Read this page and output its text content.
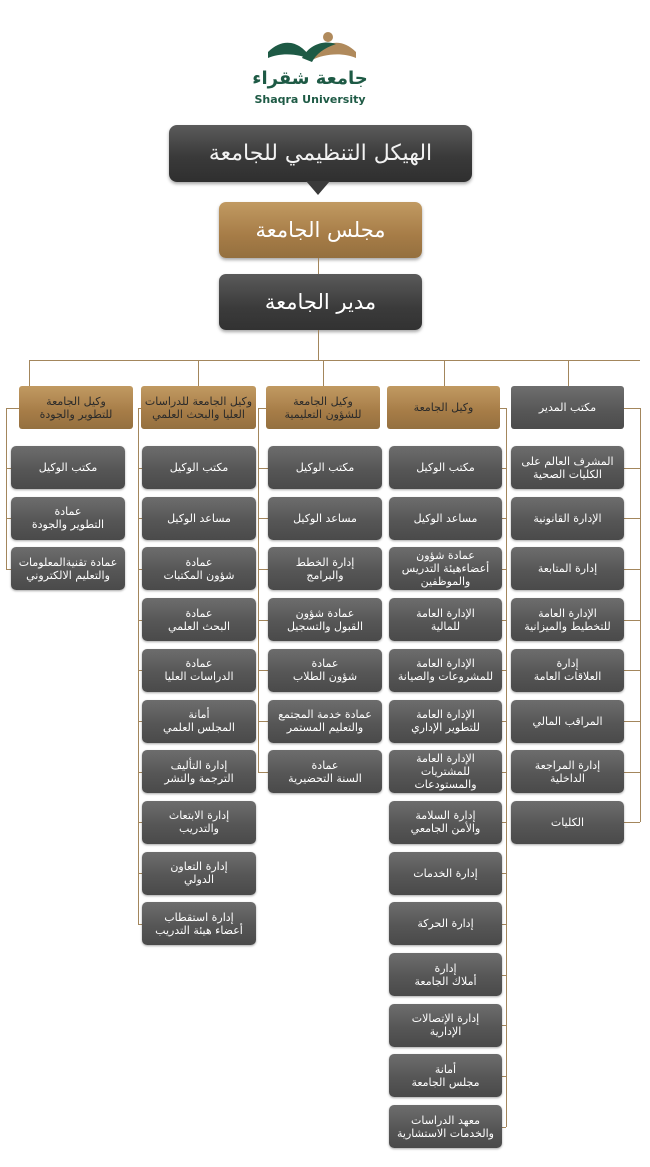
جامعة شقراء
Shaqra University
الهيكل التنظيمي للجامعة
مجلس الجامعة
مدير الجامعة
مكتب المدير
المشرف العالم على
الكليات الصحية
الإدارة القانونية
إدارة المتابعة
الإدارة العامة
للتخطيط والميزانية
إدارة
العلاقات العامة
المراقب المالي
إدارة المراجعة
الداخلية
الكليات
وكيل الجامعة
مكتب الوكيل
مساعد الوكيل
عمادة شؤون
أعضاءهيئة التدريس
والموظفين
الإدارة العامة
للمالية
الإدارة العامة
للمشروعات والصيانة
الإدارة العامة
للتطوير الإداري
الإدارة العامة
للمشتريات
والمستودعات
إدارة السلامة
والأمن الجامعي
إدارة الخدمات
إدارة الحركة
إدارة
أملاك الجامعة
إدارة الإتصالات
الإدارية
أمانة
مجلس الجامعة
معهد الدراسات
والخدمات الاستشارية
وكيل الجامعة
للشؤون التعليمية
مكتب الوكيل
مساعد الوكيل
إدارة الخطط
والبرامج
عمادة شؤون
القبول والتسجيل
عمادة
شؤون الطلاب
عمادة خدمة المجتمع
والتعليم المستمر
عمادة
السنة التحضيرية
وكيل الجامعة للدراسات
العليا والبحث العلمي
مكتب الوكيل
مساعد الوكيل
عمادة
شؤون المكتبات
عمادة
البحث العلمي
عمادة
الدراسات العليا
أمانة
المجلس العلمي
إدارة التأليف
الترجمة والنشر
إدارة الابتعاث
والتدريب
إدارة التعاون
الدولي
إدارة استقطاب
أعضاء هيئة التدريب
وكيل الجامعة
للتطوير والجودة
مكتب الوكيل
عمادة
التطوير والجودة
عمادة تقنيةالمعلومات
والتعليم الالكتروني
